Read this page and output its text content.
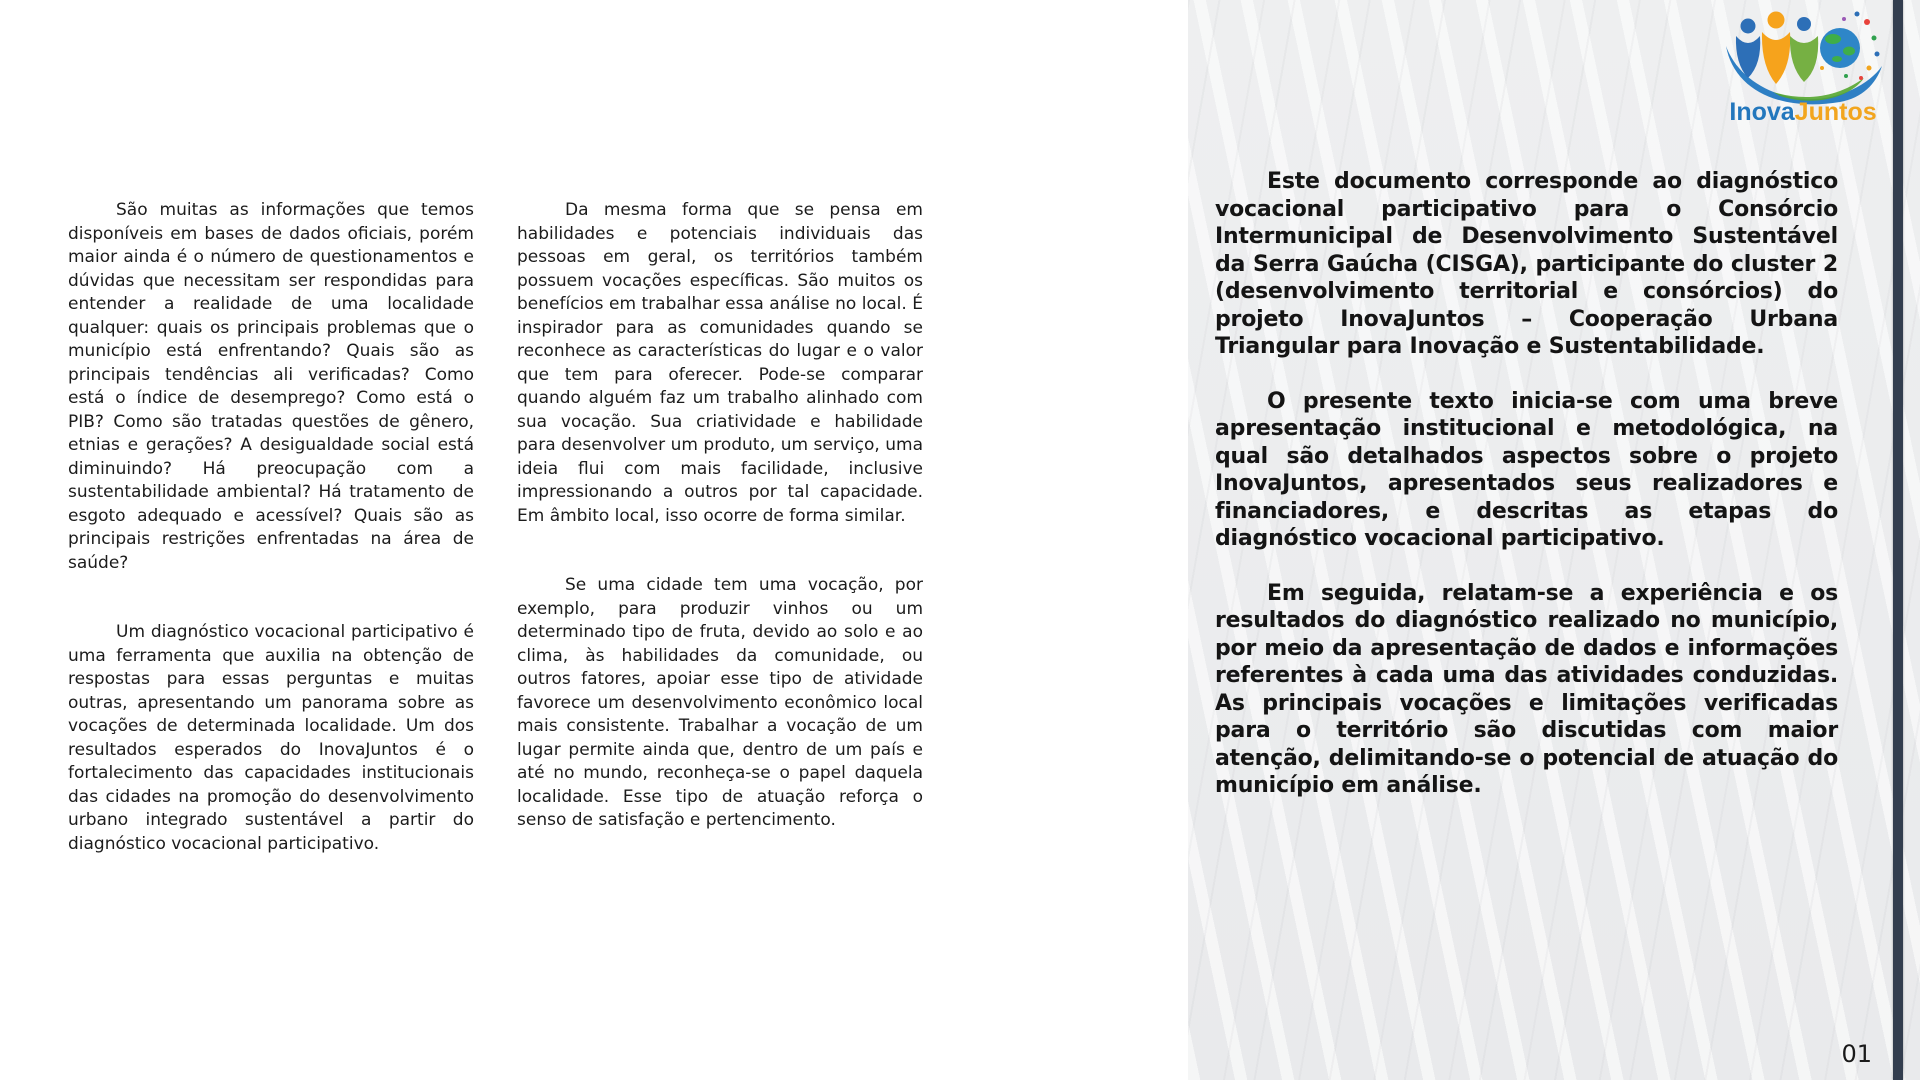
São muitas as informações que temos disponíveis em bases de dados oficiais, porém maior ainda é o número de questionamentos e dúvidas que necessitam ser respondidas para entender a realidade de uma localidade qualquer: quais os principais problemas que o município está enfrentando? Quais são as principais tendências ali verificadas? Como está o índice de desemprego? Como está o PIB? Como são tratadas questões de gênero, etnias e gerações? A desigualdade social está diminuindo? Há preocupação com a sustentabilidade ambiental? Há tratamento de esgoto adequado e acessível? Quais são as principais restrições enfrentadas na área de saúde?

Um diagnóstico vocacional participativo é uma ferramenta que auxilia na obtenção de respostas para essas perguntas e muitas outras, apresentando um panorama sobre as vocações de determinada localidade. Um dos resultados esperados do InovaJuntos é o fortalecimento das capacidades institucionais das cidades na promoção do desenvolvimento urbano integrado sustentável a partir do diagnóstico vocacional participativo.

Da mesma forma que se pensa em habilidades e potenciais individuais das pessoas em geral, os territórios também possuem vocações específicas. São muitos os benefícios em trabalhar essa análise no local. É inspirador para as comunidades quando se reconhece as características do lugar e o valor que tem para oferecer. Pode-se comparar quando alguém faz um trabalho alinhado com sua vocação. Sua criatividade e habilidade para desenvolver um produto, um serviço, uma ideia flui com mais facilidade, inclusive impressionando a outros por tal capacidade. Em âmbito local, isso ocorre de forma similar.

Se uma cidade tem uma vocação, por exemplo, para produzir vinhos ou um determinado tipo de fruta, devido ao solo e ao clima, às habilidades da comunidade, ou outros fatores, apoiar esse tipo de atividade favorece um desenvolvimento econômico local mais consistente. Trabalhar a vocação de um lugar permite ainda que, dentro de um país e até no mundo, reconheça-se o papel daquela localidade. Esse tipo de atuação reforça o senso de satisfação e pertencimento.

InovaJuntos

Este documento corresponde ao diagnóstico vocacional participativo para o Consórcio Intermunicipal de Desenvolvimento Sustentável da Serra Gaúcha (CISGA), participante do cluster 2 (desenvolvimento territorial e consórcios) do projeto InovaJuntos – Cooperação Urbana Triangular para Inovação e Sustentabilidade.

O presente texto inicia-se com uma breve apresentação institucional e metodológica, na qual são detalhados aspectos sobre o projeto InovaJuntos, apresentados seus realizadores e financiadores, e descritas as etapas do diagnóstico vocacional participativo.

Em seguida, relatam-se a experiência e os resultados do diagnóstico realizado no município, por meio da apresentação de dados e informações referentes à cada uma das atividades conduzidas. As principais vocações e limitações verificadas para o território são discutidas com maior atenção, delimitando-se o potencial de atuação do município em análise.

01
